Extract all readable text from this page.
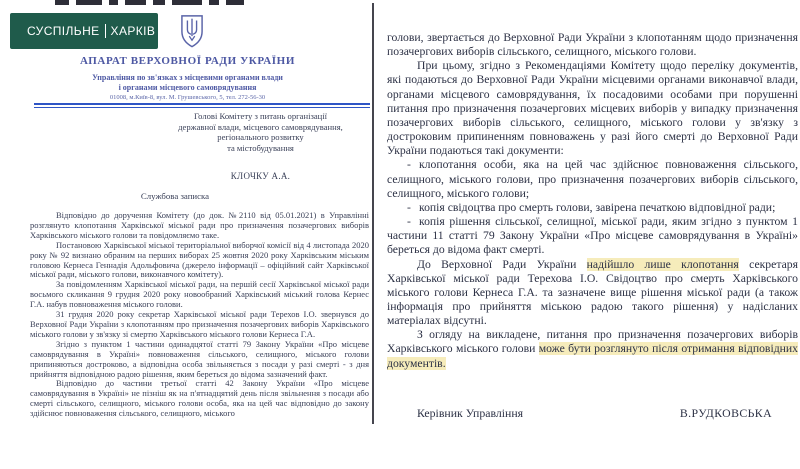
СУСПІЛЬНЕ ХАРКІВ
АПАРАТ ВЕРХОВНОЇ РАДИ УКРАЇНИ
Управління по зв'язках з місцевими органами влади
і органами місцевого самоврядування
01008, м.Київ-8, вул. М. Грушевського, 5, тел. 272-56-30
Голові Комітету з питань організації
державної влади, місцевого самоврядування,
регіонального розвитку
та містобудування
КЛОЧКУ А.А.
Службова записка

Відповідно до доручення Комітету (до док. №2110 від 05.01.2021) в Управлінні розглянуто клопотання Харківської міської ради про призначення позачергових виборів Харківського міського голови та повідомляємо таке.

Постановою Харківської міської територіальної виборчої комісії від 4 листопада 2020 року № 92 визнано обраним на перших виборах 25 жовтня 2020 року Харківським міським головою Кернеса Геннадія Адольфовича (джерело інформації – офіційний сайт Харківської міської ради, міського голови, виконавчого комітету).

За повідомленням Харківської міської ради, на першій сесії Харківської міської ради восьмого скликання 9 грудня 2020 року новообраний Харківський міський голова Кернес Г.А. набув повноваження міського голови.

31 грудня 2020 року секретар Харківської міської ради Терехов І.О. звернувся до Верховної Ради України з клопотанням про призначення позачергових виборів Харківського міського голови у зв'язку зі смертю Харківського міського голови Кернеса Г.А.

Згідно з пунктом 1 частини одинадцятої статті 79 Закону України «Про місцеве самоврядування в Україні» повноваження сільського, селищного, міського голови припиняються достроково, а відповідна особа звільняється з посади у разі смерті - з дня прийняття відповідною радою рішення, яким береться до відома зазначений факт.

Відповідно до частини третьої статті 42 Закону України «Про місцеве самоврядування в Україні» не пізніш як на п'ятнадцятий день після звільнення з посади або смерті сільського, селищного, міського голови особа, яка на цей час відповідно до закону здійснює повноваження сільського, селищного, міського

голови, звертається до Верховної Ради України з клопотанням щодо призначення позачергових виборів сільського, селищного, міського голови.

При цьому, згідно з Рекомендаціями Комітету щодо переліку документів, які подаються до Верховної Ради України місцевими органами виконавчої влади, органами місцевого самоврядування, їх посадовими особами при порушенні питання про призначення позачергових місцевих виборів у випадку призначення позачергових виборів сільського, селищного, міського голови у зв'язку з достроковим припиненням повноважень у разі його смерті до Верховної Ради України подаються такі документи:

- клопотання особи, яка на цей час здійснює повноваження сільського, селищного, міського голови, про призначення позачергових виборів сільського, селищного, міського голови;

- копія свідоцтва про смерть голови, завірена печаткою відповідної ради;

- копія рішення сільської, селищної, міської ради, яким згідно з пунктом 1 частини 11 статті 79 Закону України «Про місцеве самоврядування в Україні» береться до відома факт смерті.

До Верховної Ради України надійшло лише клопотання секретаря Харківської міської ради Терехова І.О. Свідоцтво про смерть Харківського міського голови Кернеса Г.А. та зазначене вище рішення міської ради (а також інформація про прийняття міською радою такого рішення) у надісланих матеріалах відсутні.

З огляду на викладене, питання про призначення позачергових виборів Харківського міського голови може бути розглянуто після отримання відповідних документів.

Керівник Управління	В.РУДКОВСЬКА
